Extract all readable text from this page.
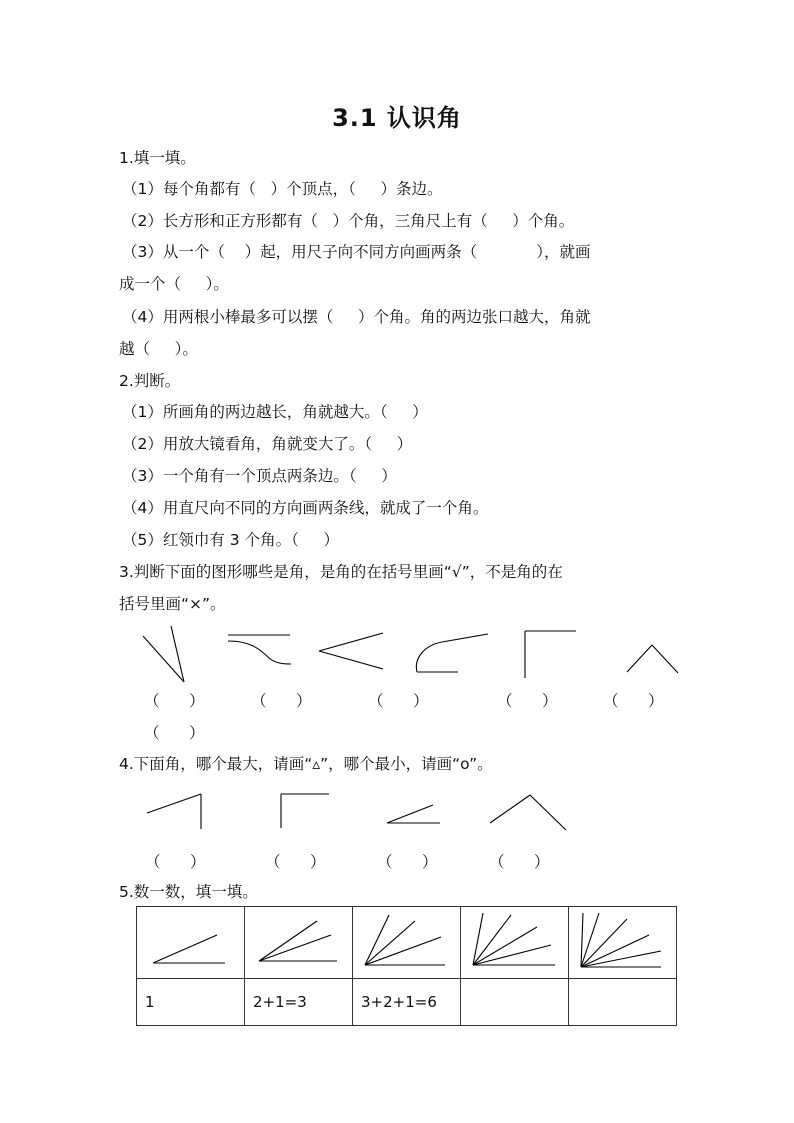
3.1 认识角
1.填一填。
（1）每个角都有（   ）个顶点，（     ）条边。
（2）长方形和正方形都有（   ）个角，三角尺上有（     ）个角。
（3）从一个（    ）起，用尺子向不同方向画两条（            ），就画
成一个（     ）。
（4）用两根小棒最多可以摆（     ）个角。角的两边张口越大，角就
越（     ）。
2.判断。
（1）所画角的两边越长，角就越大。（     ）
（2）用放大镜看角，角就变大了。（     ）
（3）一个角有一个顶点两条边。（     ）
（4）用直尺向不同的方向画两条线，就成了一个角。
（5）红领巾有 3 个角。（     ）
3.判断下面的图形哪些是角，是角的在括号里画“√”，不是角的在
括号里画“×”。
（      ）	（      ）	（      ）	（      ）	（      ）
（      ）
4.下面角，哪个最大，请画“▵”，哪个最小，请画“o”。
（      ）	（      ）	（      ）	（      ）
5.数一数，填一填。

1	2+1=3	3+2+1=6		
